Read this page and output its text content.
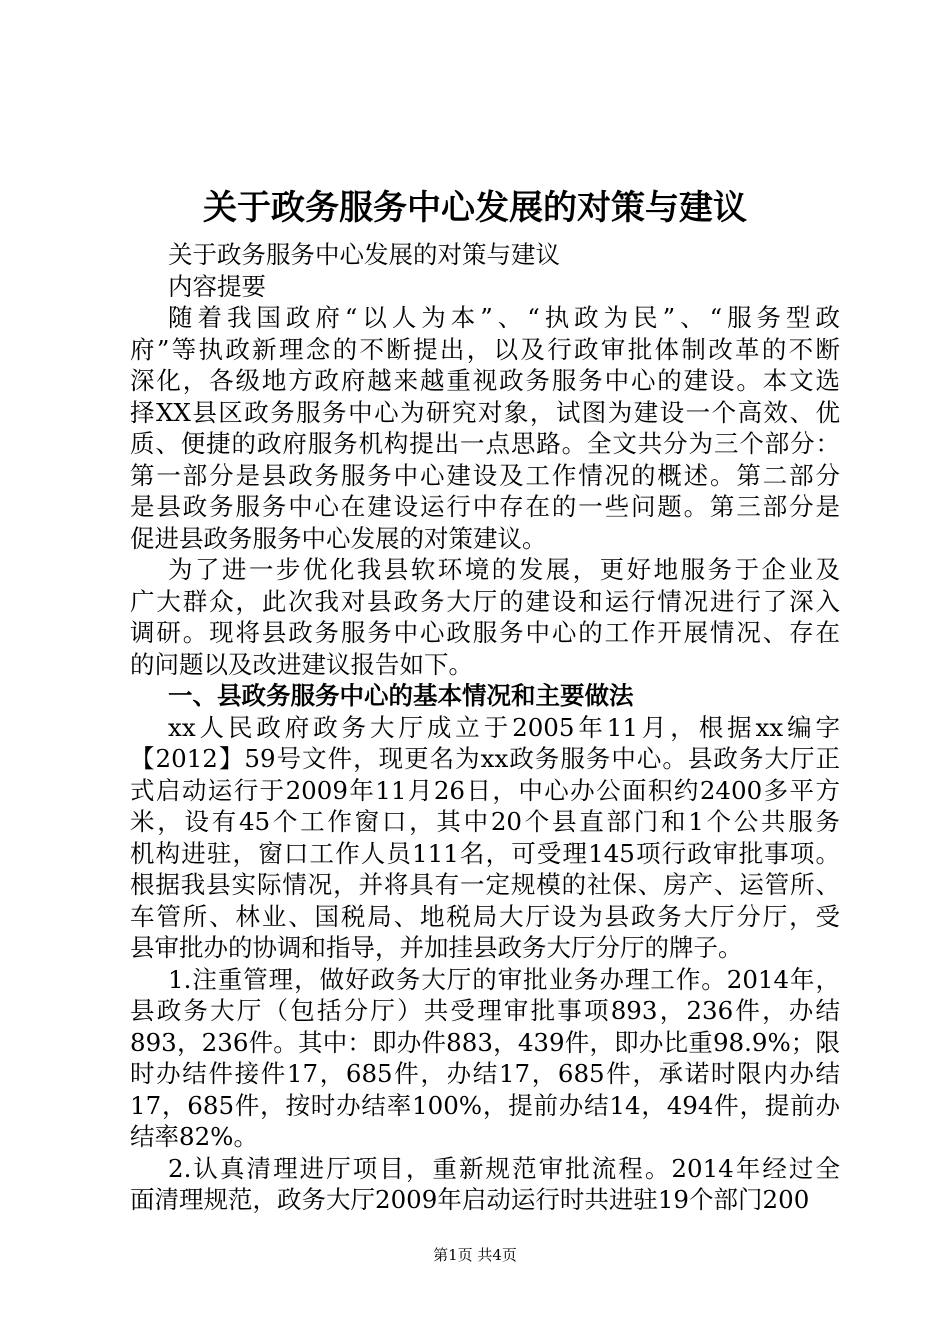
关于政务服务中心发展的对策与建议
关于政务服务中心发展的对策与建议
内容提要
随着我国政府“以人为本”、“执政为民”、“服务型政
府”等执政新理念的不断提出，以及行政审批体制改革的不断
深化，各级地方政府越来越重视政务服务中心的建设。本文选
择XX县区政务服务中心为研究对象，试图为建设一个高效、优
质、便捷的政府服务机构提出一点思路。全文共分为三个部分：
第一部分是县政务服务中心建设及工作情况的概述。第二部分
是县政务服务中心在建设运行中存在的一些问题。第三部分是
促进县政务服务中心发展的对策建议。
为了进一步优化我县软环境的发展，更好地服务于企业及
广大群众，此次我对县政务大厅的建设和运行情况进行了深入
调研。现将县政务服务中心政服务中心的工作开展情况、存在
的问题以及改进建议报告如下。
一、县政务服务中心的基本情况和主要做法
xx人民政府政务大厅成立于2005年11月，根据xx编字
【2012】59号文件，现更名为xx政务服务中心。县政务大厅正
式启动运行于2009年11月26日，中心办公面积约2400多平方
米，设有45个工作窗口，其中20个县直部门和1个公共服务
机构进驻，窗口工作人员111名，可受理145项行政审批事项。
根据我县实际情况，并将具有一定规模的社保、房产、运管所、
车管所、林业、国税局、地税局大厅设为县政务大厅分厅，受
县审批办的协调和指导，并加挂县政务大厅分厅的牌子。
1.注重管理，做好政务大厅的审批业务办理工作。2014年，
县政务大厅（包括分厅）共受理审批事项893，236件，办结
893，236件。其中：即办件883，439件，即办比重98.9%；限
时办结件接件17，685件，办结17，685件，承诺时限内办结
17，685件，按时办结率100%，提前办结14，494件，提前办
结率82%。
2.认真清理进厅项目，重新规范审批流程。2014年经过全
面清理规范，政务大厅2009年启动运行时共进驻19个部门200
第1页 共4页
